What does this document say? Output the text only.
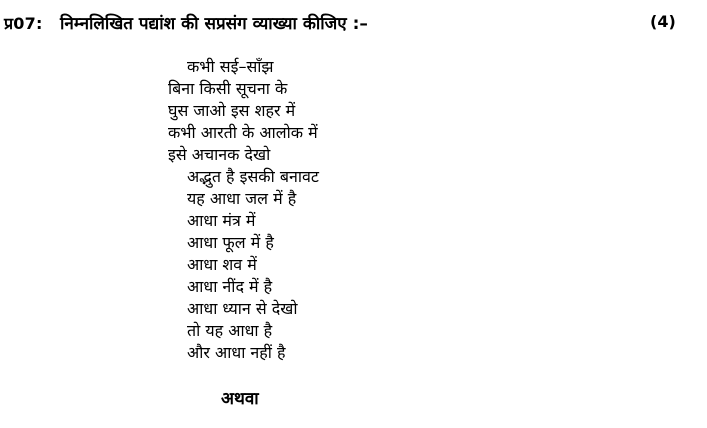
प्र07: निम्नलिखित पद्यांश की सप्रसंग व्याख्या कीजिए :–	(4)
कभी सई–साँझ
बिना किसी सूचना के
घुस जाओ इस शहर में
कभी आरती के आलोक में
इसे अचानक देखो
अद्भुत है इसकी बनावट
यह आधा जल में है
आधा मंत्र में
आधा फूल में है
आधा शव में
आधा नींद में है
आधा ध्यान से देखो
तो यह आधा है
और आधा नहीं है
अथवा
